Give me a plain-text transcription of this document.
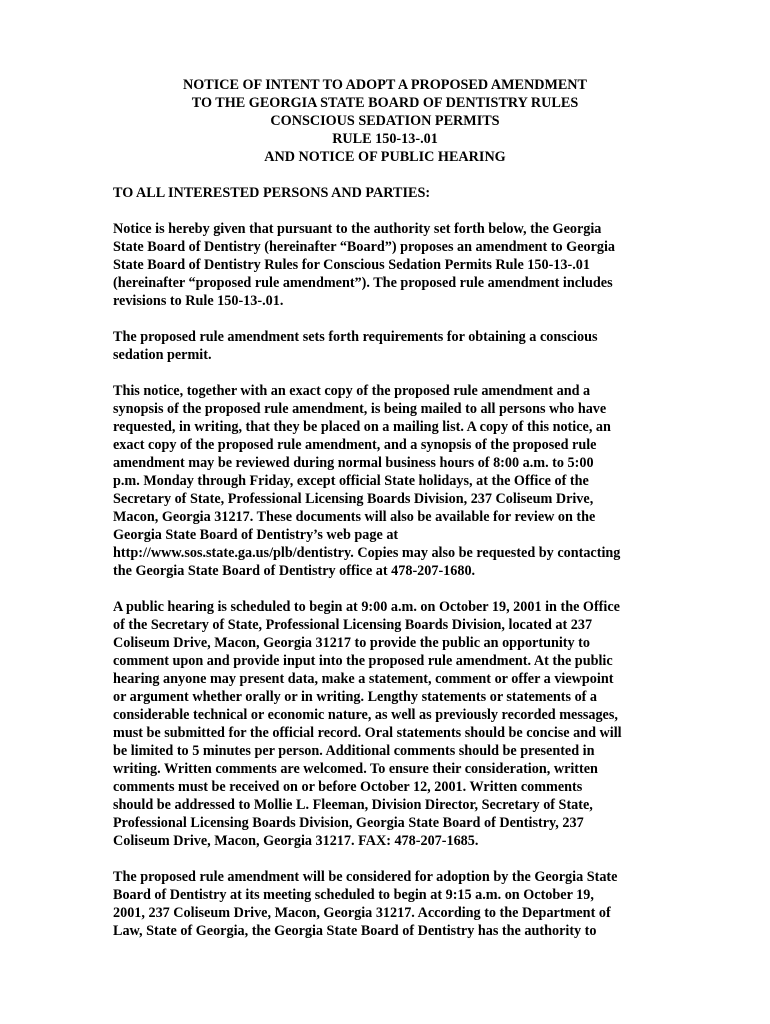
NOTICE OF INTENT TO ADOPT A PROPOSED AMENDMENT
TO THE GEORGIA STATE BOARD OF DENTISTRY RULES
CONSCIOUS SEDATION PERMITS
RULE 150-13-.01
AND NOTICE OF PUBLIC HEARING

TO ALL INTERESTED PERSONS AND PARTIES:

Notice is hereby given that pursuant to the authority set forth below, the Georgia
State Board of Dentistry (hereinafter “Board”) proposes an amendment to Georgia
State Board of Dentistry Rules for Conscious Sedation Permits Rule 150-13-.01
(hereinafter “proposed rule amendment”). The proposed rule amendment includes
revisions to Rule 150-13-.01.

The proposed rule amendment sets forth requirements for obtaining a conscious
sedation permit.

This notice, together with an exact copy of the proposed rule amendment and a
synopsis of the proposed rule amendment, is being mailed to all persons who have
requested, in writing, that they be placed on a mailing list. A copy of this notice, an
exact copy of the proposed rule amendment, and a synopsis of the proposed rule
amendment may be reviewed during normal business hours of 8:00 a.m. to 5:00
p.m. Monday through Friday, except official State holidays, at the Office of the
Secretary of State, Professional Licensing Boards Division, 237 Coliseum Drive,
Macon, Georgia 31217. These documents will also be available for review on the
Georgia State Board of Dentistry’s web page at
http://www.sos.state.ga.us/plb/dentistry. Copies may also be requested by contacting
the Georgia State Board of Dentistry office at 478-207-1680.

A public hearing is scheduled to begin at 9:00 a.m. on October 19, 2001 in the Office
of the Secretary of State, Professional Licensing Boards Division, located at 237
Coliseum Drive, Macon, Georgia 31217 to provide the public an opportunity to
comment upon and provide input into the proposed rule amendment. At the public
hearing anyone may present data, make a statement, comment or offer a viewpoint
or argument whether orally or in writing. Lengthy statements or statements of a
considerable technical or economic nature, as well as previously recorded messages,
must be submitted for the official record. Oral statements should be concise and will
be limited to 5 minutes per person. Additional comments should be presented in
writing. Written comments are welcomed. To ensure their consideration, written
comments must be received on or before October 12, 2001. Written comments
should be addressed to Mollie L. Fleeman, Division Director, Secretary of State,
Professional Licensing Boards Division, Georgia State Board of Dentistry, 237
Coliseum Drive, Macon, Georgia 31217. FAX: 478-207-1685.

The proposed rule amendment will be considered for adoption by the Georgia State
Board of Dentistry at its meeting scheduled to begin at 9:15 a.m. on October 19,
2001, 237 Coliseum Drive, Macon, Georgia 31217. According to the Department of
Law, State of Georgia, the Georgia State Board of Dentistry has the authority to
